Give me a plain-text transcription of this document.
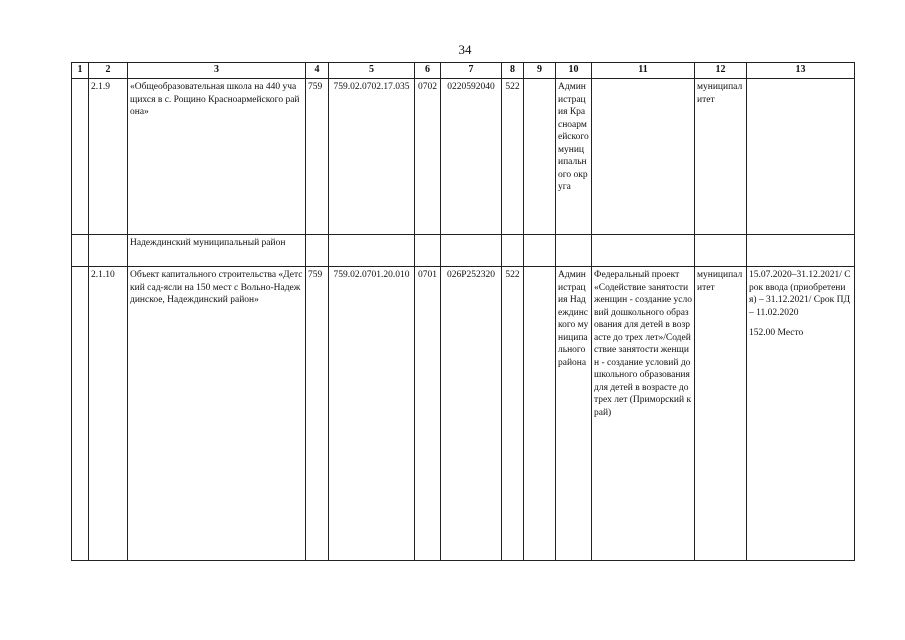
34
1	2	3	4	5	6	7	8	9	10	11	12	13
	2.1.9	«Общеобразовательная школа на 440 учащихся в с. Рощино Красноармейского района»	759	759.02.0702.17.035	0702	0220592040	522		Администрация Красноармейского муниципального округа		муниципалитет	

		Надеждинский муниципальный район										

	2.1.10	Объект капитального строительства «Детский сад-ясли на 150 мест с Вольно-Надеждинское, Надеждинский район»	759	759.02.0701.20.010	0701	026P252320	522		Администрация Надеждинского муниципального района	Федеральный проект «Содействие занятости женщин - создание условий дошкольного образования для детей в возрасте до трех лет»/Содействие занятости женщин - создание условий дошкольного образования для детей в возрасте до трех лет (Приморский край)	муниципалитет	15.07.2020–31.12.2021/ Срок ввода (приобретения) – 31.12.2021/ Срок ПД – 11.02.2020
152.00 Место
